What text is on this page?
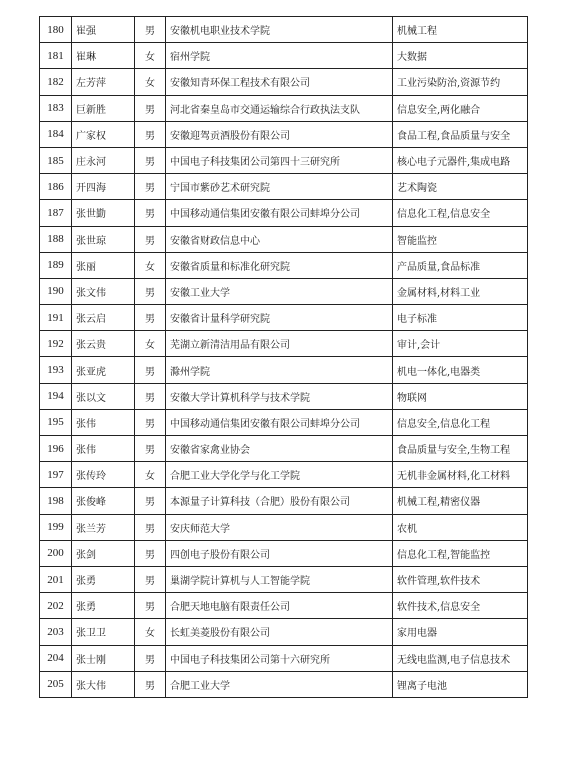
180	崔强	男	安徽机电职业技术学院	机械工程
181	崔琳	女	宿州学院	大数据
182	左芳萍	女	安徽知青环保工程技术有限公司	工业污染防治,资源节约
183	巨新胜	男	河北省秦皇岛市交通运输综合行政执法支队	信息安全,两化融合
184	广家权	男	安徽迎驾贡酒股份有限公司	食品工程,食品质量与安全
185	庄永河	男	中国电子科技集团公司第四十三研究所	核心电子元器件,集成电路
186	开四海	男	宁国市紫砂艺术研究院	艺术陶瓷
187	张世勤	男	中国移动通信集团安徽有限公司蚌埠分公司	信息化工程,信息安全
188	张世琼	男	安徽省财政信息中心	智能监控
189	张丽	女	安徽省质量和标准化研究院	产品质量,食品标准
190	张文伟	男	安徽工业大学	金属材料,材料工业
191	张云启	男	安徽省计量科学研究院	电子标准
192	张云贵	女	芜湖立新清洁用品有限公司	审计,会计
193	张亚虎	男	滁州学院	机电一体化,电器类
194	张以文	男	安徽大学计算机科学与技术学院	物联网
195	张伟	男	中国移动通信集团安徽有限公司蚌埠分公司	信息安全,信息化工程
196	张伟	男	安徽省家禽业协会	食品质量与安全,生物工程
197	张传玲	女	合肥工业大学化学与化工学院	无机非金属材料,化工材料
198	张俊峰	男	本源量子计算科技（合肥）股份有限公司	机械工程,精密仪器
199	张兰芳	男	安庆师范大学	农机
200	张剑	男	四创电子股份有限公司	信息化工程,智能监控
201	张勇	男	巢湖学院计算机与人工智能学院	软件管理,软件技术
202	张勇	男	合肥天地电脑有限责任公司	软件技术,信息安全
203	张卫卫	女	长虹美菱股份有限公司	家用电器
204	张士刚	男	中国电子科技集团公司第十六研究所	无线电监测,电子信息技术
205	张大伟	男	合肥工业大学	锂离子电池
